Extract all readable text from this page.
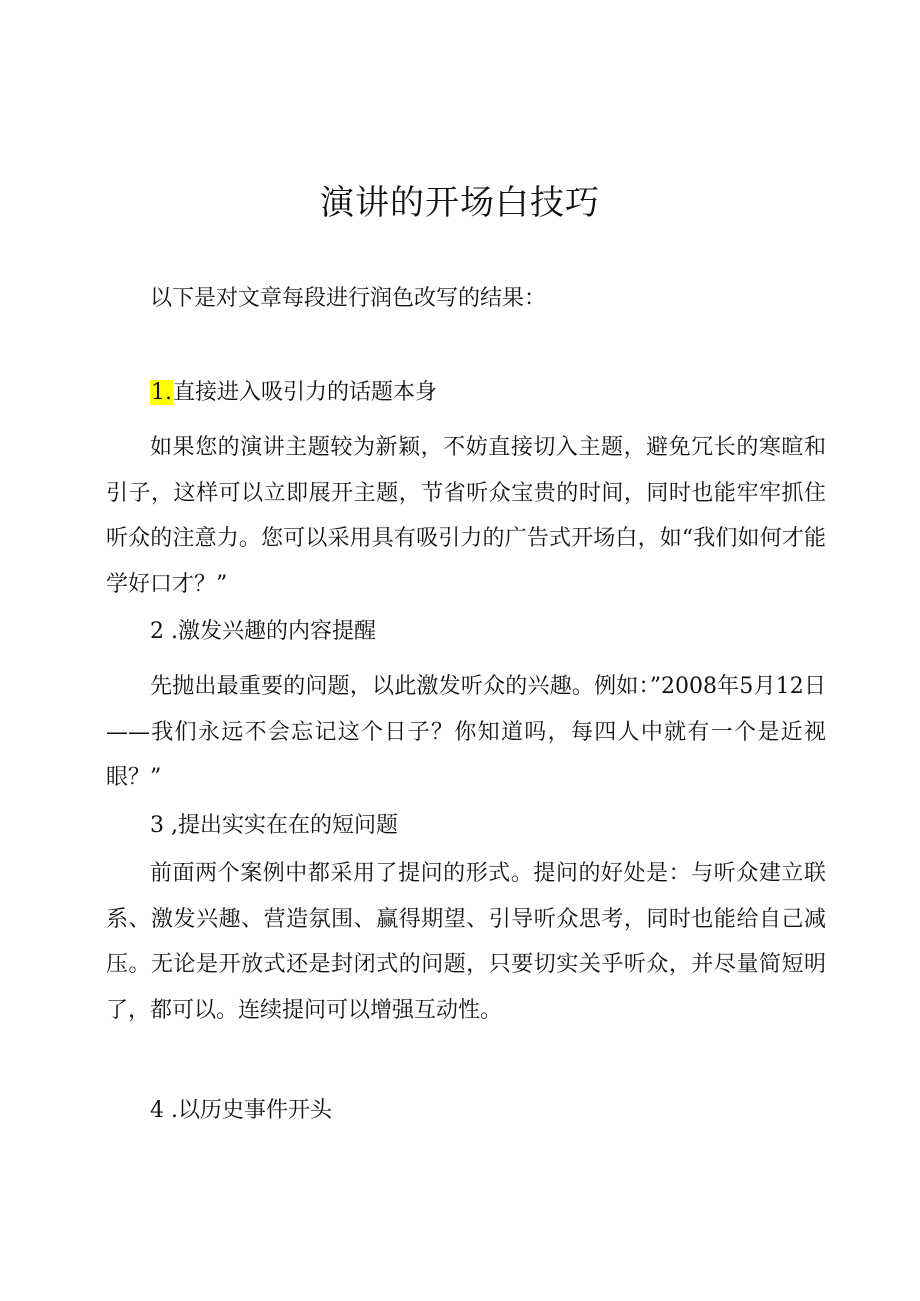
演讲的开场白技巧
以下是对文章每段进行润色改写的结果：
1.直接进入吸引力的话题本身

如果您的演讲主题较为新颖，不妨直接切入主题，避免冗长的寒暄和引子，这样可以立即展开主题，节省听众宝贵的时间，同时也能牢牢抓住听众的注意力。您可以采用具有吸引力的广告式开场白，如“我们如何才能学好口才？”

2 .激发兴趣的内容提醒

先抛出最重要的问题，以此激发听众的兴趣。例如：”2008年5月12日——我们永远不会忘记这个日子？你知道吗，每四人中就有一个是近视眼？”

3 ,提出实实在在的短问题

前面两个案例中都采用了提问的形式。提问的好处是：与听众建立联系、激发兴趣、营造氛围、赢得期望、引导听众思考，同时也能给自己减压。无论是开放式还是封闭式的问题，只要切实关乎听众，并尽量简短明了，都可以。连续提问可以增强互动性。

4 .以历史事件开头
